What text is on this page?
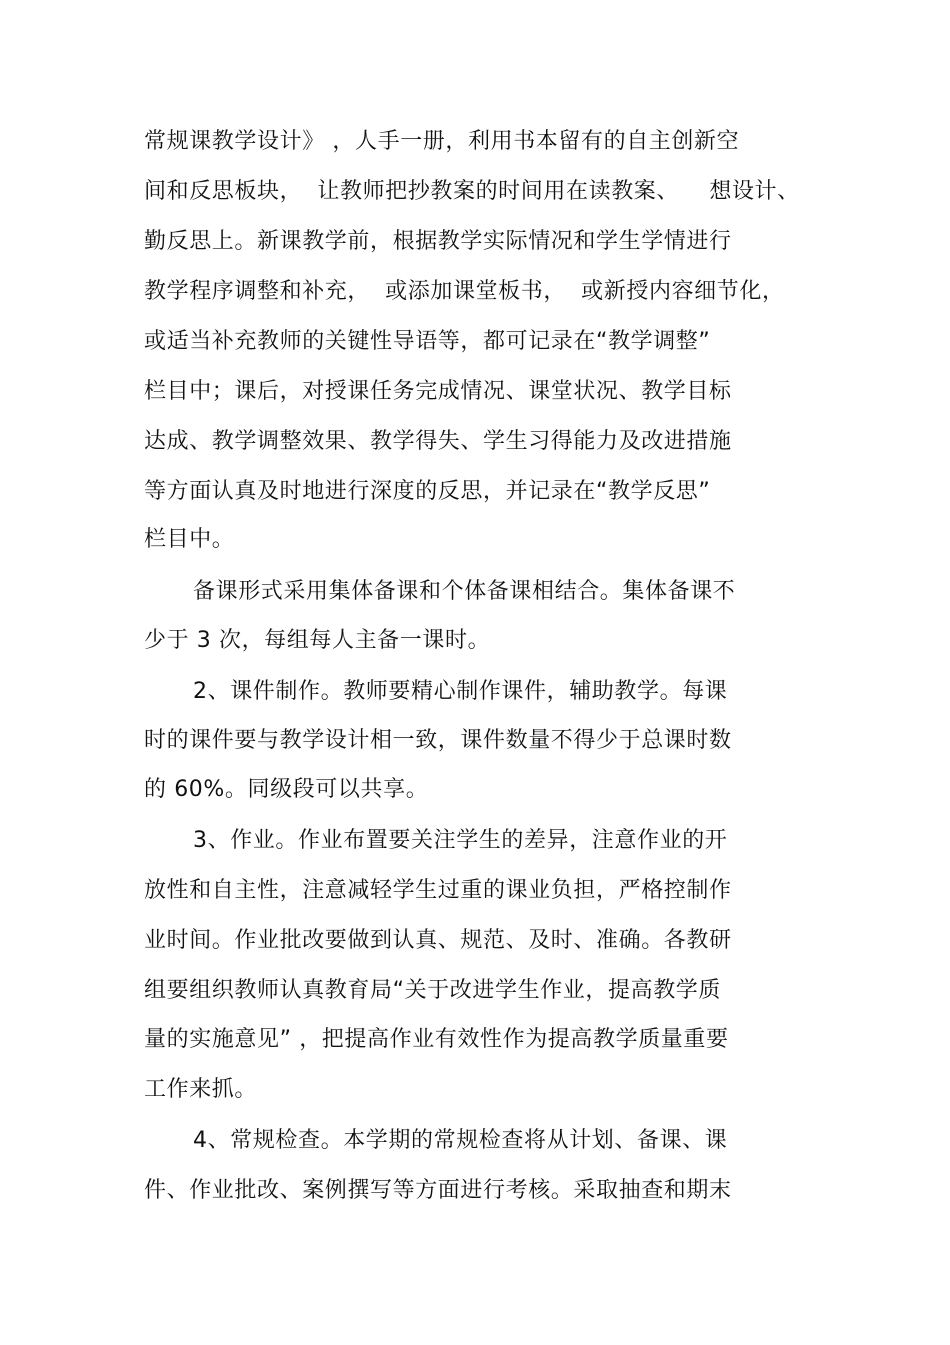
常规课教学设计》 ，人手一册，利用书本留有的自主创新空
间和反思板块，  让教师把抄教案的时间用在读教案、    想设计、
勤反思上。新课教学前，根据教学实际情况和学生学情进行
教学程序调整和补充，  或添加课堂板书，  或新授内容细节化，
或适当补充教师的关键性导语等，都可记录在“教学调整”
栏目中；课后，对授课任务完成情况、课堂状况、教学目标
达成、教学调整效果、教学得失、学生习得能力及改进措施
等方面认真及时地进行深度的反思，并记录在“教学反思”
栏目中。
备课形式采用集体备课和个体备课相结合。集体备课不
少于 3 次，每组每人主备一课时。
2、课件制作。教师要精心制作课件，辅助教学。每课
时的课件要与教学设计相一致，课件数量不得少于总课时数
的 60%。同级段可以共享。
3、作业。作业布置要关注学生的差异，注意作业的开
放性和自主性，注意减轻学生过重的课业负担，严格控制作
业时间。作业批改要做到认真、规范、及时、准确。各教研
组要组织教师认真教育局“关于改进学生作业，提高教学质
量的实施意见” ，把提高作业有效性作为提高教学质量重要
工作来抓。
4、常规检查。本学期的常规检查将从计划、备课、课
件、作业批改、案例撰写等方面进行考核。采取抽查和期末
